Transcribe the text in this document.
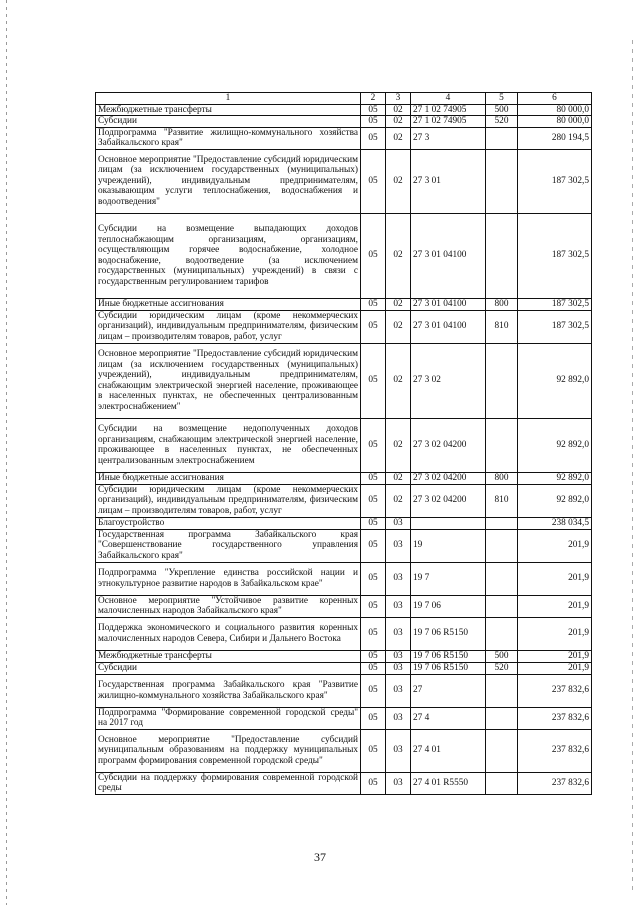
1	2	3	4	5	6
Межбюджетные трансферты	05	02	27 1 02 74905	500	80 000,0
Субсидии	05	02	27 1 02 74905	520	80 000,0
Подпрограмма "Развитие жилищно-коммунального хозяйства Забайкальского края"	05	02	27 3		280 194,5
Основное мероприятие "Предоставление субсидий юридическим лицам (за исключением государственных (муниципальных) учреждений), индивидуальным предпринимателям, оказывающим услуги теплоснабжения, водоснабжения и водоотведения"	05	02	27 3 01		187 302,5
Субсидии на возмещение выпадающих доходов теплоснабжающим организациям, организациям, осуществляющим горячее водоснабжение, холодное водоснабжение, водоотведение (за исключением государственных (муниципальных) учреждений) в связи с государственным регулированием тарифов	05	02	27 3 01 04100		187 302,5
Иные бюджетные ассигнования	05	02	27 3 01 04100	800	187 302,5
Субсидии юридическим лицам (кроме некоммерческих организаций), индивидуальным предпринимателям, физическим лицам – производителям товаров, работ, услуг	05	02	27 3 01 04100	810	187 302,5
Основное мероприятие "Предоставление субсидий юридическим лицам (за исключением государственных (муниципальных) учреждений), индивидуальным предпринимателям, снабжающим электрической энергией население, проживающее в населенных пунктах, не обеспеченных централизованным электроснабжением"	05	02	27 3 02		92 892,0
Субсидии на возмещение недополученных доходов организациям, снабжающим электрической энергией население, проживающее в населенных пунктах, не обеспеченных централизованным электроснабжением	05	02	27 3 02 04200		92 892,0
Иные бюджетные ассигнования	05	02	27 3 02 04200	800	92 892,0
Субсидии юридическим лицам (кроме некоммерческих организаций), индивидуальным предпринимателям, физическим лицам – производителям товаров, работ, услуг	05	02	27 3 02 04200	810	92 892,0
Благоустройство	05	03			238 034,5
Государственная программа Забайкальского края "Совершенствование государственного управления Забайкальского края"	05	03	19		201,9
Подпрограмма "Укрепление единства российской нации и этнокультурное развитие народов в Забайкальском крае"	05	03	19 7		201,9
Основное мероприятие "Устойчивое развитие коренных малочисленных народов Забайкальского края"	05	03	19 7 06		201,9
Поддержка экономического и социального развития коренных малочисленных народов Севера, Сибири и Дальнего Востока	05	03	19 7 06 R5150		201,9
Межбюджетные трансферты	05	03	19 7 06 R5150	500	201,9
Субсидии	05	03	19 7 06 R5150	520	201,9
Государственная программа Забайкальского края "Развитие жилищно-коммунального хозяйства Забайкальского края"	05	03	27		237 832,6
Подпрограмма "Формирование современной городской среды" на 2017 год	05	03	27 4		237 832,6
Основное мероприятие "Предоставление субсидий муниципальным образованиям на поддержку муниципальных программ формирования современной городской среды"	05	03	27 4 01		237 832,6
Субсидии на поддержку формирования современной городской среды	05	03	27 4 01 R5550		237 832,6
37
